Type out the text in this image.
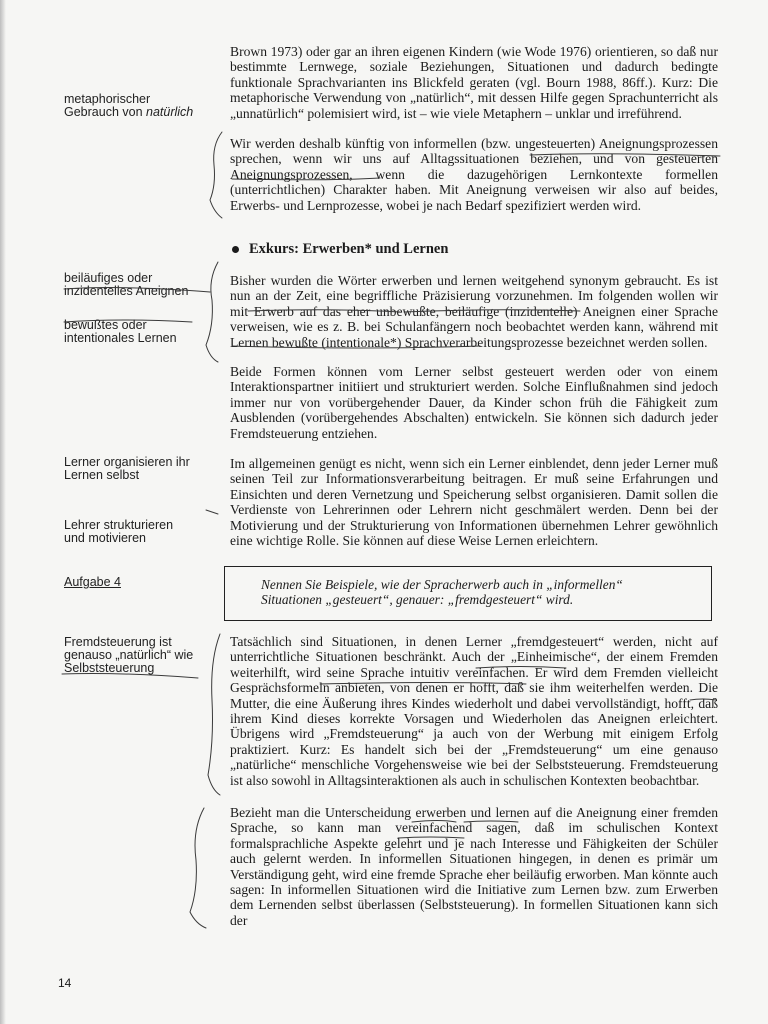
metaphorischer
Gebrauch von natürlich
beiläufiges oder
inzidentelles Aneignen
bewußtes oder
intentionales Lernen
Lerner organisieren ihr
Lernen selbst
Lehrer strukturieren
und motivieren
Aufgabe 4
Fremdsteuerung ist
genauso „natürlich“ wie
Selbststeuerung

Brown 1973) oder gar an ihren eigenen Kindern (wie Wode 1976) orientieren, so daß nur bestimmte Lernwege, soziale Beziehungen, Situationen und dadurch bedingte funktionale Sprachvarianten ins Blickfeld geraten (vgl. Bourn 1988, 86ff.). Kurz: Die metaphorische Verwendung von „natürlich“, mit dessen Hilfe gegen Sprachunterricht als „unnatürlich“ polemisiert wird, ist – wie viele Metaphern – unklar und irreführend.

Wir werden deshalb künftig von informellen (bzw. ungesteuerten) Aneignungsprozessen sprechen, wenn wir uns auf Alltagssituationen beziehen, und von gesteuerten Aneignungsprozessen, wenn die dazugehörigen Lernkontexte formellen (unterrichtlichen) Charakter haben. Mit Aneignung verweisen wir also auf beides, Erwerbs- und Lernprozesse, wobei je nach Bedarf spezifiziert werden wird.

Exkurs: Erwerben* und Lernen

Bisher wurden die Wörter erwerben und lernen weitgehend synonym gebraucht. Es ist nun an der Zeit, eine begriffliche Präzisierung vorzunehmen. Im folgenden wollen wir mit Erwerb auf das eher unbewußte, beiläufige (inzidentelle) Aneignen einer Sprache verweisen, wie es z. B. bei Schulanfängern noch beobachtet werden kann, während mit Lernen bewußte (intentionale*) Sprachverarbeitungsprozesse bezeichnet werden sollen.

Beide Formen können vom Lerner selbst gesteuert werden oder von einem Interaktionspartner initiiert und strukturiert werden. Solche Einflußnahmen sind jedoch immer nur von vorübergehender Dauer, da Kinder schon früh die Fähigkeit zum Ausblenden (vorübergehendes Abschalten) entwickeln. Sie können sich dadurch jeder Fremdsteuerung entziehen.

Im allgemeinen genügt es nicht, wenn sich ein Lerner einblendet, denn jeder Lerner muß seinen Teil zur Informationsverarbeitung beitragen. Er muß seine Erfahrungen und Einsichten und deren Vernetzung und Speicherung selbst organisieren. Damit sollen die Verdienste von Lehrerinnen oder Lehrern nicht geschmälert werden. Denn bei der Motivierung und der Strukturierung von Informationen übernehmen Lehrer gewöhnlich eine wichtige Rolle. Sie können auf diese Weise Lernen erleichtern.

Nennen Sie Beispiele, wie der Spracherwerb auch in „informellen“ Situationen „gesteuert“, genauer: „fremdgesteuert“ wird.

Tatsächlich sind Situationen, in denen Lerner „fremdgesteuert“ werden, nicht auf unterrichtliche Situationen beschränkt. Auch der „Einheimische“, der einem Fremden weiterhilft, wird seine Sprache intuitiv vereinfachen. Er wird dem Fremden vielleicht Gesprächsformeln anbieten, von denen er hofft, daß sie ihm weiterhelfen werden. Die Mutter, die eine Äußerung ihres Kindes wiederholt und dabei vervollständigt, hofft, daß ihrem Kind dieses korrekte Vorsagen und Wiederholen das Aneignen erleichtert. Übrigens wird „Fremdsteuerung“ ja auch von der Werbung mit einigem Erfolg praktiziert. Kurz: Es handelt sich bei der „Fremdsteuerung“ um eine genauso „natürliche“ menschliche Vorgehensweise wie bei der Selbststeuerung. Fremdsteuerung ist also sowohl in Alltagsinteraktionen als auch in schulischen Kontexten beobachtbar.

Bezieht man die Unterscheidung erwerben und lernen auf die Aneignung einer fremden Sprache, so kann man vereinfachend sagen, daß im schulischen Kontext formalsprachliche Aspekte gelehrt und je nach Interesse und Fähigkeiten der Schüler auch gelernt werden. In informellen Situationen hingegen, in denen es primär um Verständigung geht, wird eine fremde Sprache eher beiläufig erworben. Man könnte auch sagen: In informellen Situationen wird die Initiative zum Lernen bzw. zum Erwerben dem Lernenden selbst überlassen (Selbststeuerung). In formellen Situationen kann sich der

14
